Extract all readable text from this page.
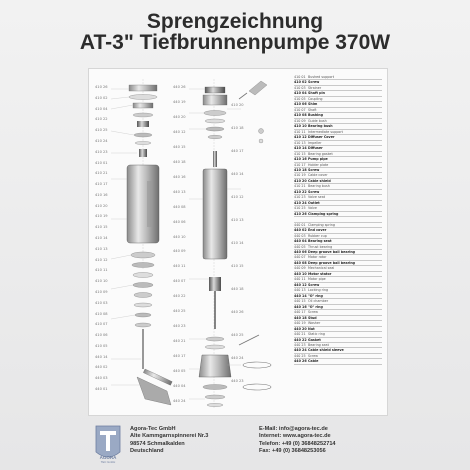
Sprengzeichnung
AT-3" Tiefbrunnenpumpe 370W
410 26
410 02
410 04
410 22
410 25
410 24
410 23
410 01
410 21
410 17
410 16
410 20
410 19
410 15
410 14
410 13
410 12
410 11
410 10
410 09
410 03
410 08
410 07
410 06
410 05
440 14
440 02
440 03
440 01
440 26
440 19
440 20
440 12
440 15
440 18
440 16
440 13
440 08
440 06
440 10
440 09
440 11
440 07
440 22
440 25
440 23
440 21
440 17
440 05
440 04
440 24
410 20
410 18
440 17
440 14
410 12
410 13
410 14
410 15
440 18
440 26
440 25
440 24
440 23
410 01 Bushed support
410 02 Screw
410 03 Strainer
410 04 Shaft pin
410 05 Coupling
410 06 Shim
410 07 Shaft
410 08 Bushing
410 09 Guide bush
410 10 Bearing bush
410 11 Intermediate support
410 12 Diffuser Cover
410 13 Impeller
410 14 Diffuser
410 15 Bearing gasket
410 16 Pump pipe
410 17 Holder plate
410 18 Screw
410 19 Cable cover
410 20 Cable shield
410 21 Bearing bush
410 22 Screw
410 23 Valve seat
410 24 Outlet
410 25 Valve
410 26 Clamping spring
440 01 Clamping spring
440 02 End cover
440 03 Rubber cup
440 04 Bearing seat
440 05 Thrust bearing
440 06 Deep groove ball bearing
440 07 Motor rotor
440 08 Deep groove ball bearing
440 09 Mechanical seal
440 10 Motor stator
440 11 Motor pipe
440 12 Screw
440 13 Locking ring
440 14 "O" ring
440 15 Oil chamber
440 16 "O" ring
440 17 Screw
440 18 Stud
440 19 Washer
440 20 Nut
440 21 Static ring
440 22 Gasket
440 23 Bearing seat
440 24 Cable shield sleeve
440 25 Screw
440 26 Cable
AGORA
TEC GmbH
Agora-Tec GmbH
Alte Kammgarnspinnerei Nr.3
98574 Schmalkalden
Deutschland
E-Mail: info@agora-tec.de
Internet: www.agora-tec.de
Telefon: +49 (0) 36848252714
Fax: +49 (0) 36848253056
